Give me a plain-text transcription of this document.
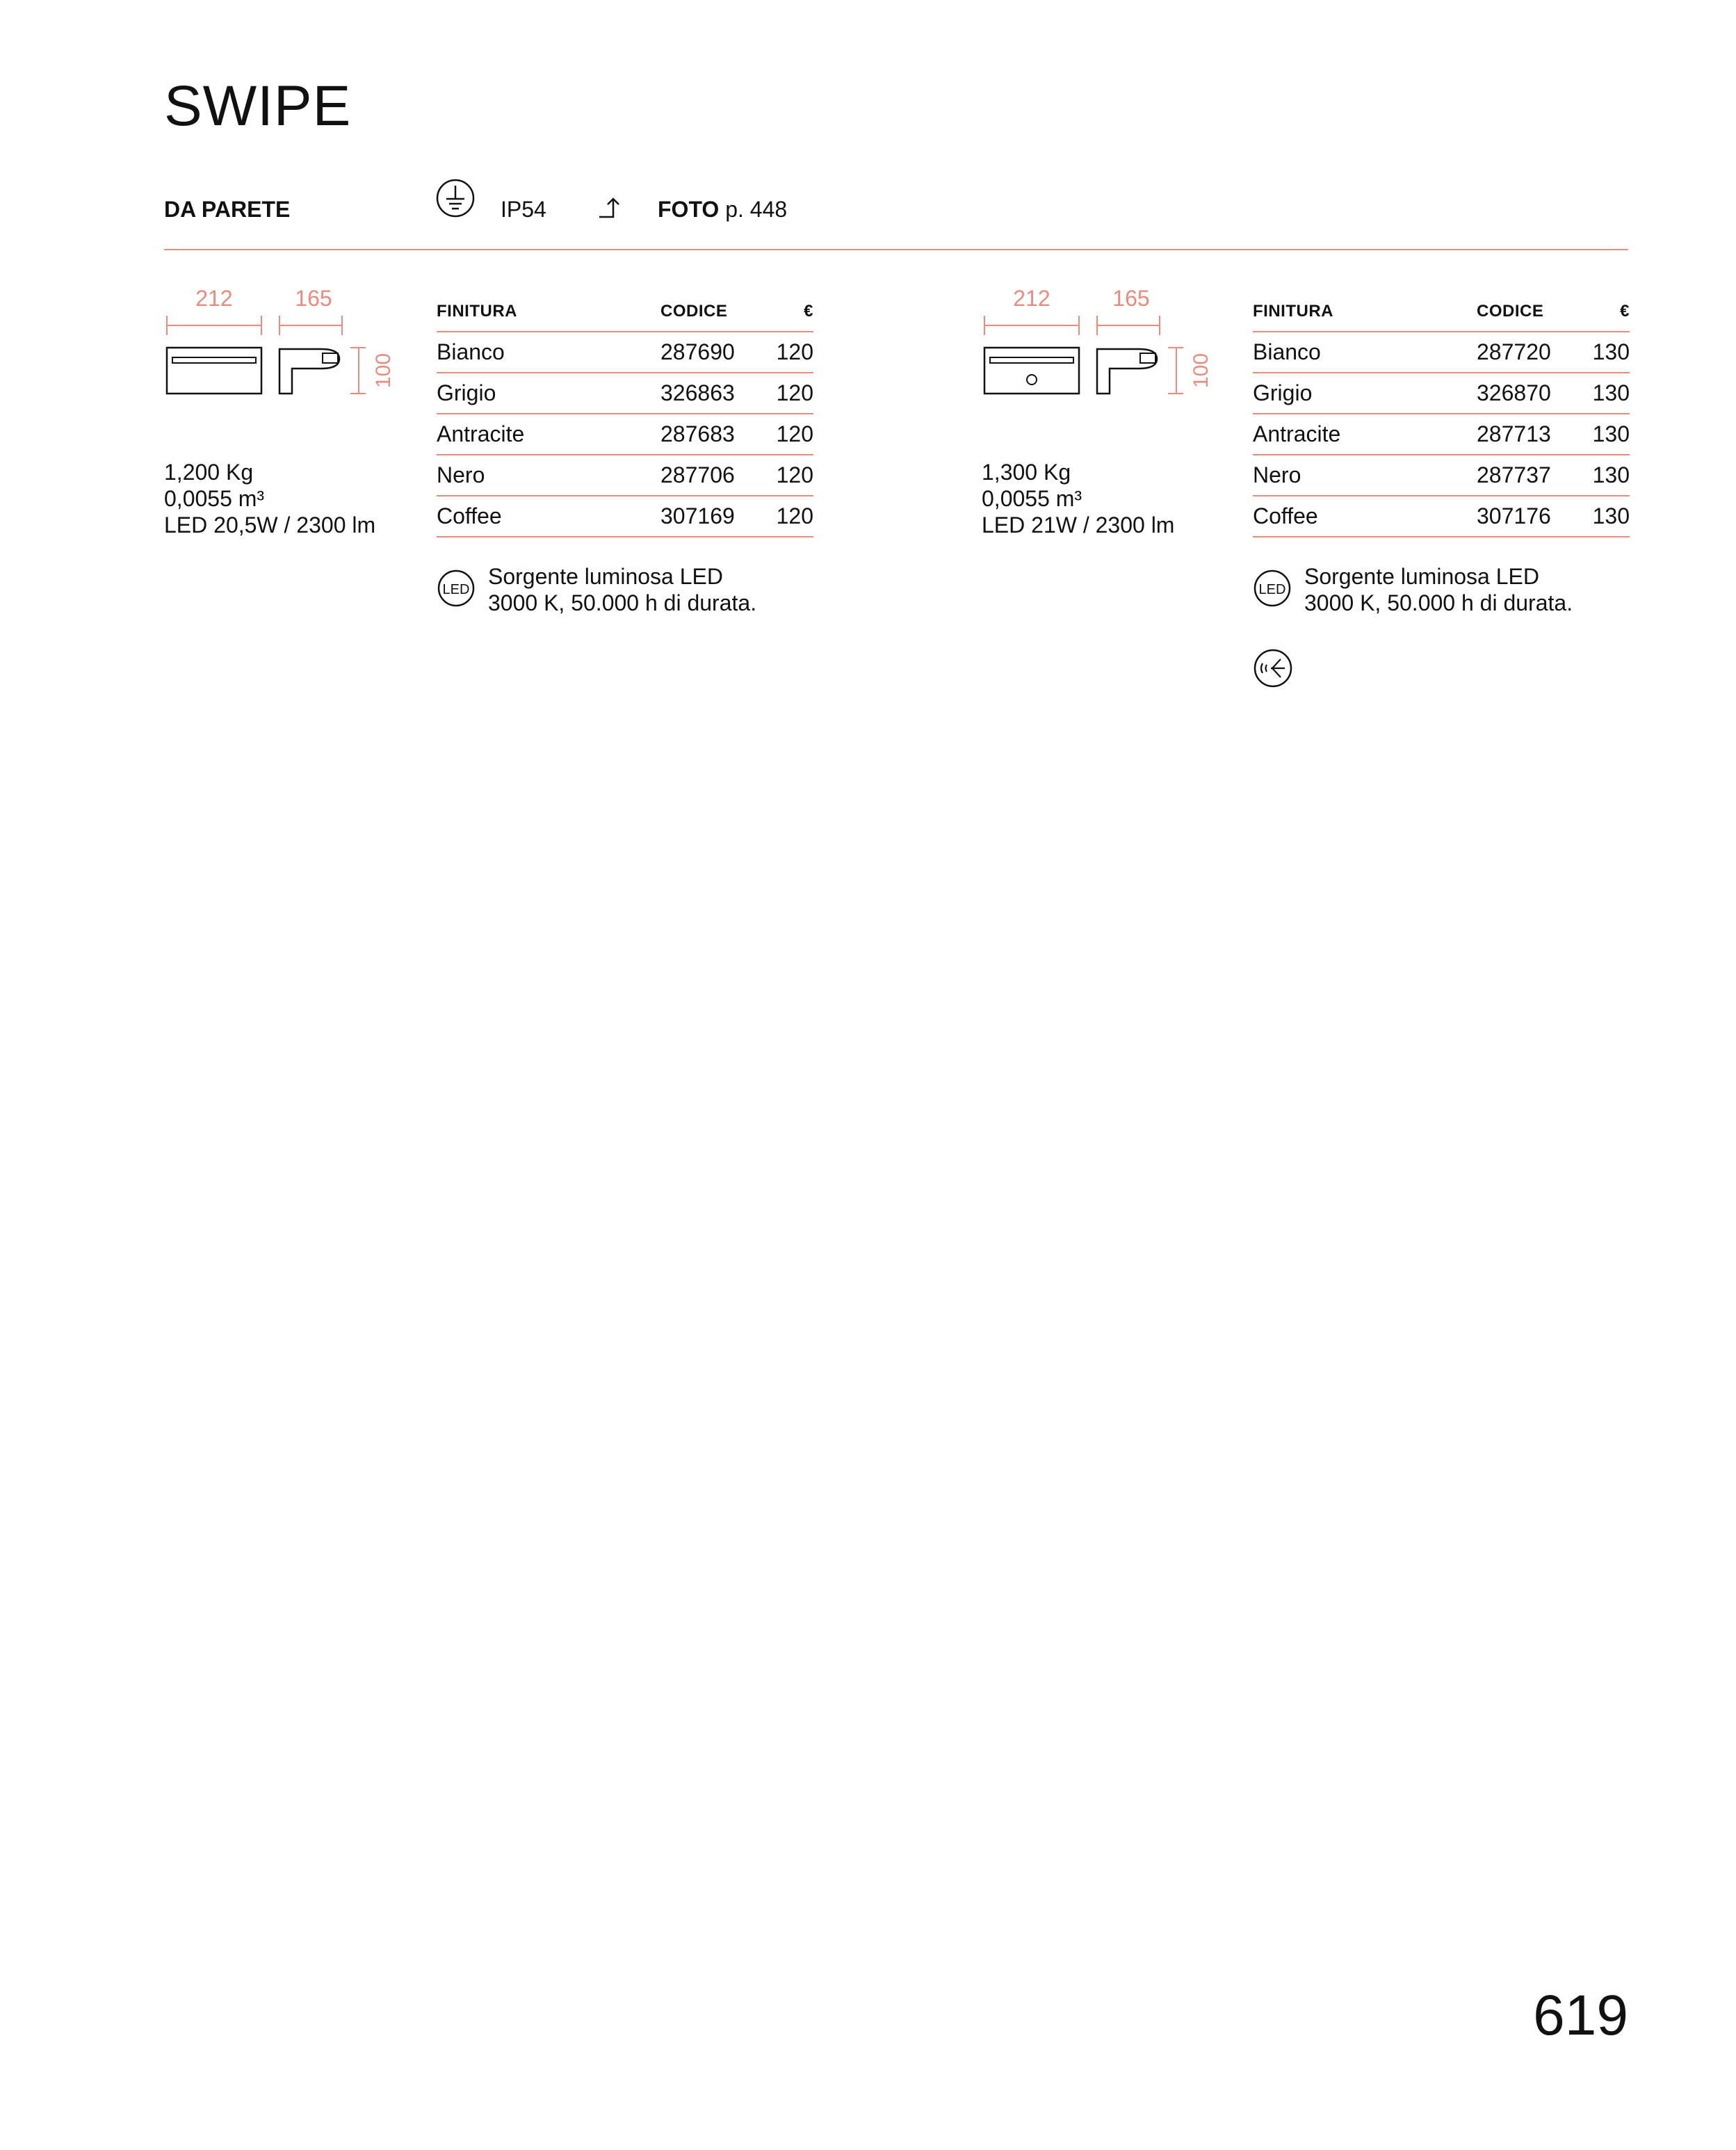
SWIPE
DA PARETE	IP54	FOTO p. 448
212	165
100
1,200 Kg
0,0055 m³
LED 20,5W / 2300 lm
FINITURA	CODICE	€
Bianco	287690	120
Grigio	326863	120
Antracite	287683	120
Nero	287706	120
Coffee	307169	120
LED
Sorgente luminosa LED
3000 K, 50.000 h di durata.
212	165
100
1,300 Kg
0,0055 m³
LED 21W / 2300 lm
FINITURA	CODICE	€
Bianco	287720	130
Grigio	326870	130
Antracite	287713	130
Nero	287737	130
Coffee	307176	130
LED
Sorgente luminosa LED
3000 K, 50.000 h di durata.
619
